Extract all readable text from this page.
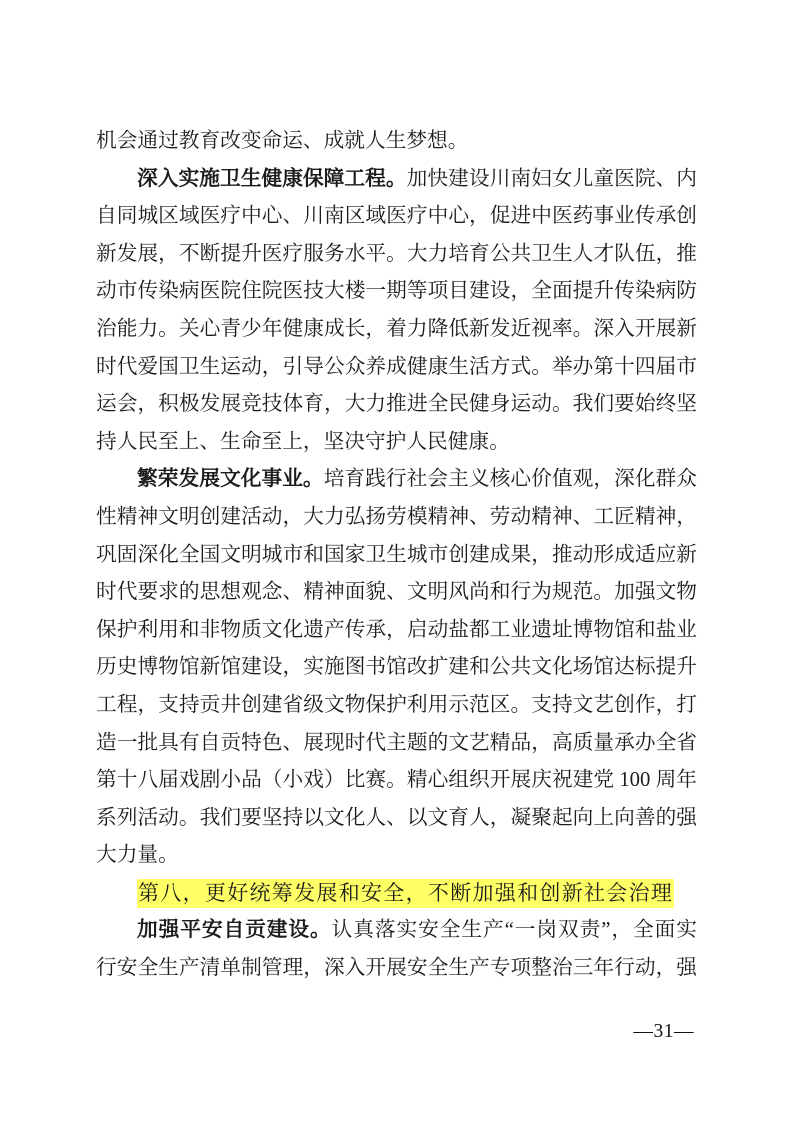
机会通过教育改变命运、成就人生梦想。
深入实施卫生健康保障工程。加快建设川南妇女儿童医院、内
自同城区域医疗中心、川南区域医疗中心，促进中医药事业传承创
新发展，不断提升医疗服务水平。大力培育公共卫生人才队伍，推
动市传染病医院住院医技大楼一期等项目建设，全面提升传染病防
治能力。关心青少年健康成长，着力降低新发近视率。深入开展新
时代爱国卫生运动，引导公众养成健康生活方式。举办第十四届市
运会，积极发展竞技体育，大力推进全民健身运动。我们要始终坚
持人民至上、生命至上，坚决守护人民健康。
繁荣发展文化事业。培育践行社会主义核心价值观，深化群众
性精神文明创建活动，大力弘扬劳模精神、劳动精神、工匠精神，
巩固深化全国文明城市和国家卫生城市创建成果，推动形成适应新
时代要求的思想观念、精神面貌、文明风尚和行为规范。加强文物
保护利用和非物质文化遗产传承，启动盐都工业遗址博物馆和盐业
历史博物馆新馆建设，实施图书馆改扩建和公共文化场馆达标提升
工程，支持贡井创建省级文物保护利用示范区。支持文艺创作，打
造一批具有自贡特色、展现时代主题的文艺精品，高质量承办全省
第十八届戏剧小品（小戏）比赛。精心组织开展庆祝建党 100 周年
系列活动。我们要坚持以文化人、以文育人，凝聚起向上向善的强
大力量。
第八，更好统筹发展和安全，不断加强和创新社会治理
加强平安自贡建设。认真落实安全生产“一岗双责”，全面实
行安全生产清单制管理，深入开展安全生产专项整治三年行动，强
—31—
